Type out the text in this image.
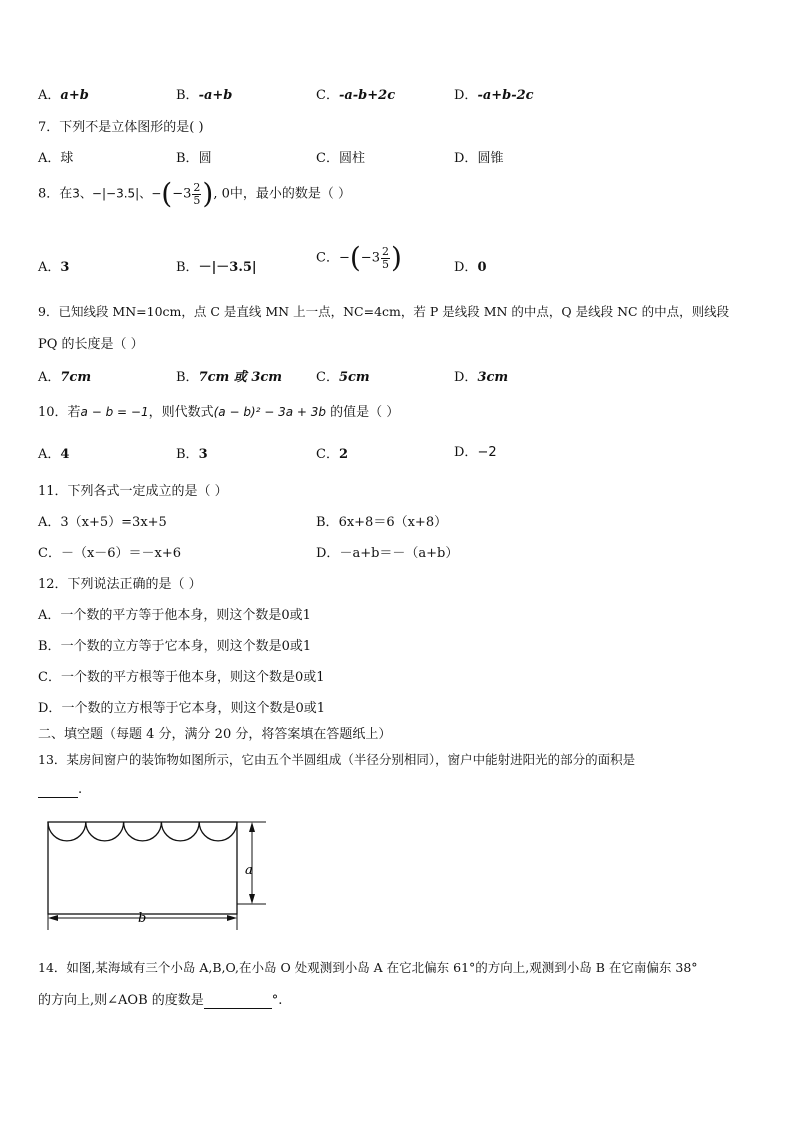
A．a+b	B．-a+b	C．-a-b+2c	D．-a+b-2c
7．下列不是立体图形的是( )
A．球	B．圆	C．圆柱	D．圆锥
8．在3、−|−3.5|、$-(-3 \frac{2}{5}$ ), 0中，最小的数是（ ）
A．3	B．－|－3.5|
C．$-(-3 \frac{2}{5}$ )	D．0
9．已知线段 MN=10cm，点 C 是直线 MN 上一点，NC=4cm，若 P 是线段 MN 的中点，Q 是线段 NC 的中点，则线段
PQ 的长度是（ ）
A．7cm	B．7cm 或 3cm	C．5cm	D．3cm
10．若a − b = −1，则代数式(a − b)² − 3a + 3b 的值是（ ）
A．4	B．3	C．2	D．−2
11．下列各式一定成立的是（ ）
A．3（x+5）=3x+5	B．6x+8＝6（x+8）
C．－（x－6）＝－x+6	D．－a+b＝－（a+b）
12．下列说法正确的是（ ）
A．一个数的平方等于他本身，则这个数是0或1
B．一个数的立方等于它本身，则这个数是0或1
C．一个数的平方根等于他本身，则这个数是0或1
D．一个数的立方根等于它本身，则这个数是0或1
二、填空题（每题 4 分，满分 20 分，将答案填在答题纸上）
13．某房间窗户的装饰物如图所示，它由五个半圆组成（半径分别相同），窗户中能射进阳光的部分的面积是
.
a
b
14．如图,某海域有三个小岛 A,B,O,在小岛 O 处观测到小岛 A 在它北偏东 61°的方向上,观测到小岛 B 在它南偏东 38°
的方向上,则∠AOB 的度数是	°.
